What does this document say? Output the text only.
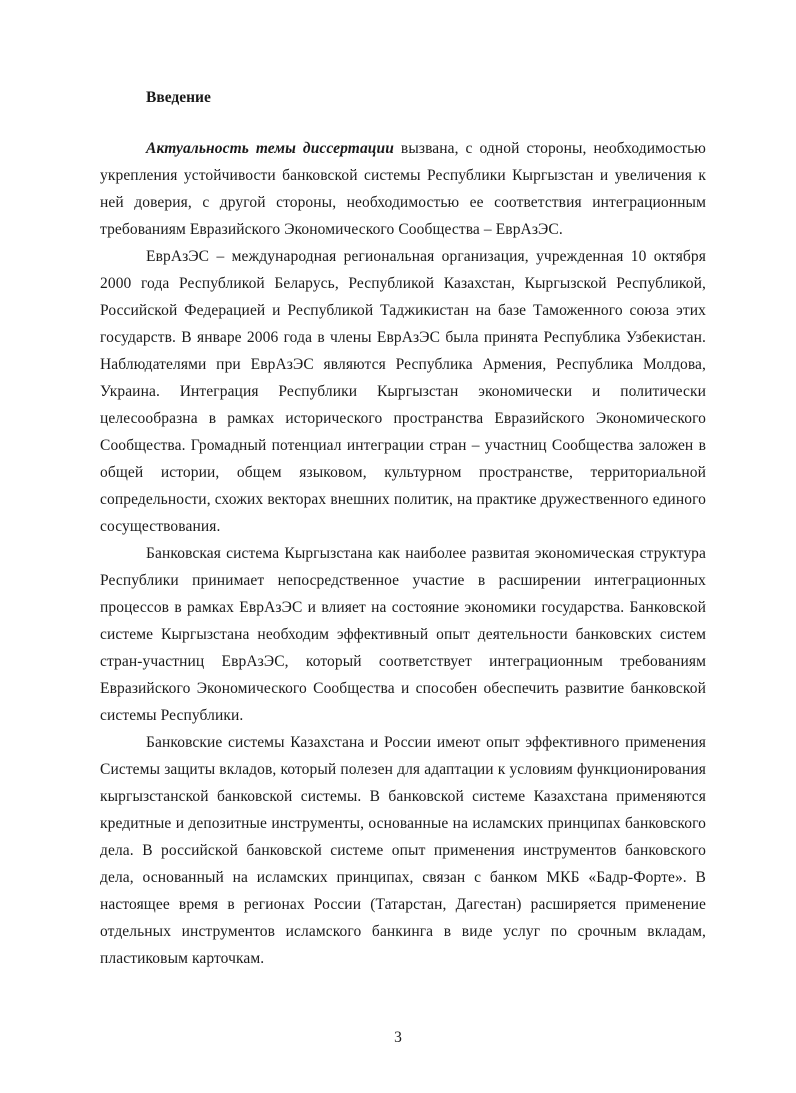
Введение

Актуальность темы диссертации вызвана, с одной стороны, необходимостью укрепления устойчивости банковской системы Республики Кыргызстан и увеличения к ней доверия, с другой стороны, необходимостью ее соответствия интеграционным требованиям Евразийского Экономического Сообщества – ЕврАзЭС.

ЕврАзЭС – международная региональная организация, учрежденная 10 октября 2000 года Республикой Беларусь, Республикой Казахстан, Кыргызской Республикой, Российской Федерацией и Республикой Таджикистан на базе Таможенного союза этих государств. В январе 2006 года в члены ЕврАзЭС была принята Республика Узбекистан. Наблюдателями при ЕврАзЭС являются Республика Армения, Республика Молдова, Украина. Интеграция Республики Кыргызстан экономически и политически целесообразна в рамках исторического пространства Евразийского Экономического Сообщества. Громадный потенциал интеграции стран – участниц Сообщества заложен в общей истории, общем языковом, культурном пространстве, территориальной сопредельности, схожих векторах внешних политик, на практике дружественного единого сосуществования.

Банковская система Кыргызстана как наиболее развитая экономическая структура Республики принимает непосредственное участие в расширении интеграционных процессов в рамках ЕврАзЭС и влияет на состояние экономики государства. Банковской системе Кыргызстана необходим эффективный опыт деятельности банковских систем стран-участниц ЕврАзЭС, который соответствует интеграционным требованиям Евразийского Экономического Сообщества и способен обеспечить развитие банковской системы Республики.

Банковские системы Казахстана и России имеют опыт эффективного применения Системы защиты вкладов, который полезен для адаптации к условиям функционирования кыргызстанской банковской системы. В банковской системе Казахстана применяются кредитные и депозитные инструменты, основанные на исламских принципах банковского дела. В российской банковской системе опыт применения инструментов банковского дела, основанный на исламских принципах, связан с банком МКБ «Бадр-Форте». В настоящее время в регионах России (Татарстан, Дагестан) расширяется применение отдельных инструментов исламского банкинга в виде услуг по срочным вкладам, пластиковым карточкам.

3
